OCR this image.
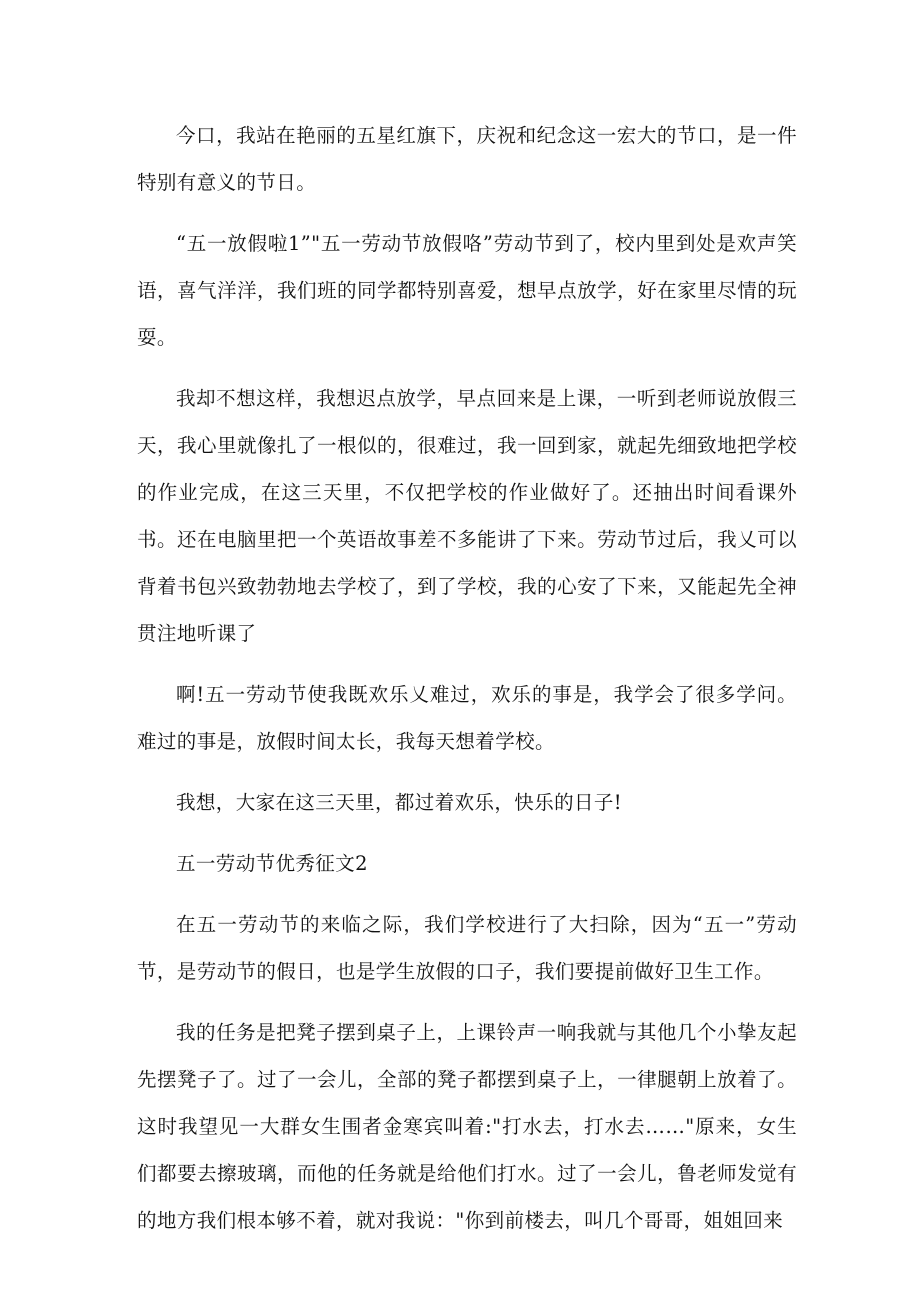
今口，我站在艳丽的五星红旗下，庆祝和纪念这一宏大的节口，是一件特别有意义的节日。

“五一放假啦1”"五一劳动节放假咯”劳动节到了，校内里到处是欢声笑语，喜气洋洋，我们班的同学都特别喜爱，想早点放学，好在家里尽情的玩耍。

我却不想这样，我想迟点放学，早点回来是上课，一听到老师说放假三天，我心里就像扎了一根似的，很难过，我一回到家，就起先细致地把学校的作业完成，在这三天里，不仅把学校的作业做好了。还抽出时间看课外书。还在电脑里把一个英语故事差不多能讲了下来。劳动节过后，我乂可以背着书包兴致勃勃地去学校了，到了学校，我的心安了下来，又能起先全神贯注地听课了

啊!五一劳动节使我既欢乐乂难过，欢乐的事是，我学会了很多学问。难过的事是，放假时间太长，我每天想着学校。

我想，大家在这三天里，都过着欢乐，快乐的日子!

五一劳动节优秀征文2

在五一劳动节的来临之际，我们学校进行了大扫除，因为“五一”劳动节，是劳动节的假日，也是学生放假的口子，我们要提前做好卫生工作。

我的任务是把凳子摆到桌子上，上课铃声一响我就与其他几个小挚友起先摆凳子了。过了一会儿，全部的凳子都摆到桌子上，一律腿朝上放着了。这时我望见一大群女生围者金寒宾叫着:"打水去，打水去……"原来，女生们都要去擦玻璃，而他的任务就是给他们打水。过了一会儿，鲁老师发觉有的地方我们根本够不着，就对我说："你到前楼去，叫几个哥哥，姐姐回来
